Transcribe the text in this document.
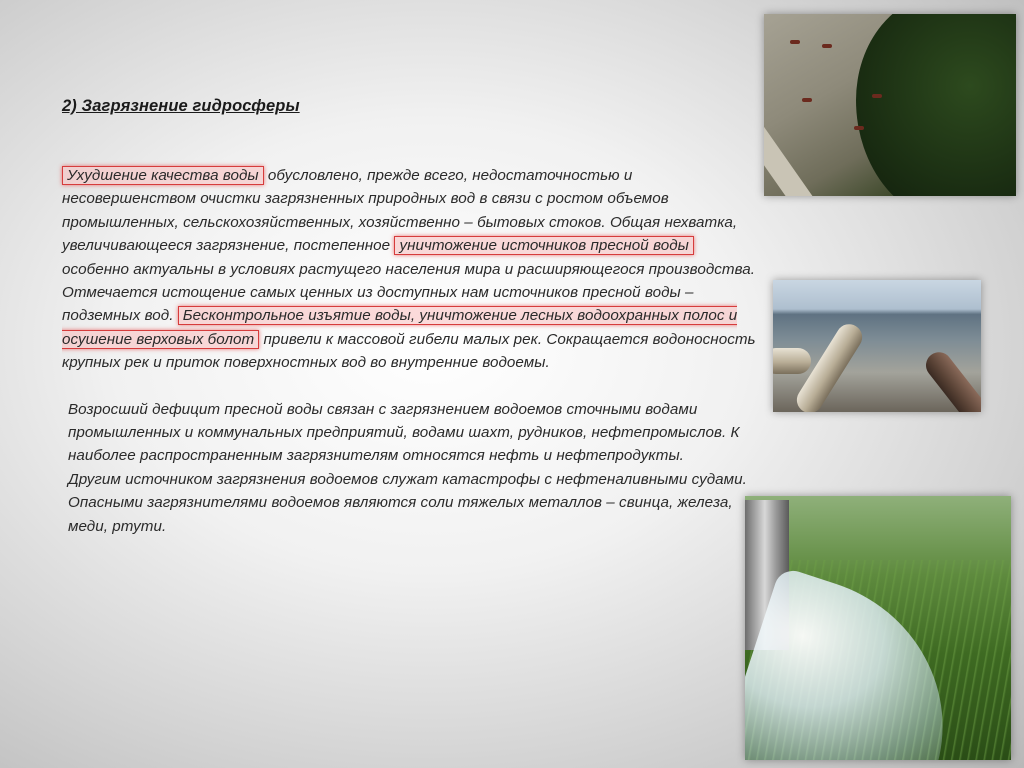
2) Загрязнение гидросферы

Ухудшение качества воды обусловлено, прежде всего, недостаточностью и несовершенством очистки загрязненных природных вод в связи с ростом объемов промышленных, сельскохозяйственных, хозяйственно – бытовых стоков. Общая нехватка, увеличивающееся загрязнение, постепенное уничтожение источников пресной воды особенно актуальны в условиях растущего населения мира и расширяющегося производства. Отмечается истощение самых ценных из доступных нам источников пресной воды – подземных вод. Бесконтрольное изъятие воды, уничтожение лесных водоохранных полос и осушение верховых болот привели к массовой гибели малых рек. Сокращается водоносность крупных рек и приток поверхностных вод во внутренние водоемы.

Возросший дефицит пресной воды связан с загрязнением водоемов сточными водами промышленных и коммунальных предприятий, водами шахт, рудников, нефтепромыслов. К наиболее распространенным загрязнителям относятся нефть и нефтепродукты.

Другим источником загрязнения водоемов служат катастрофы с нефтеналивными судами.

Опасными загрязнителями водоемов являются соли тяжелых металлов – свинца, железа, меди, ртути.
